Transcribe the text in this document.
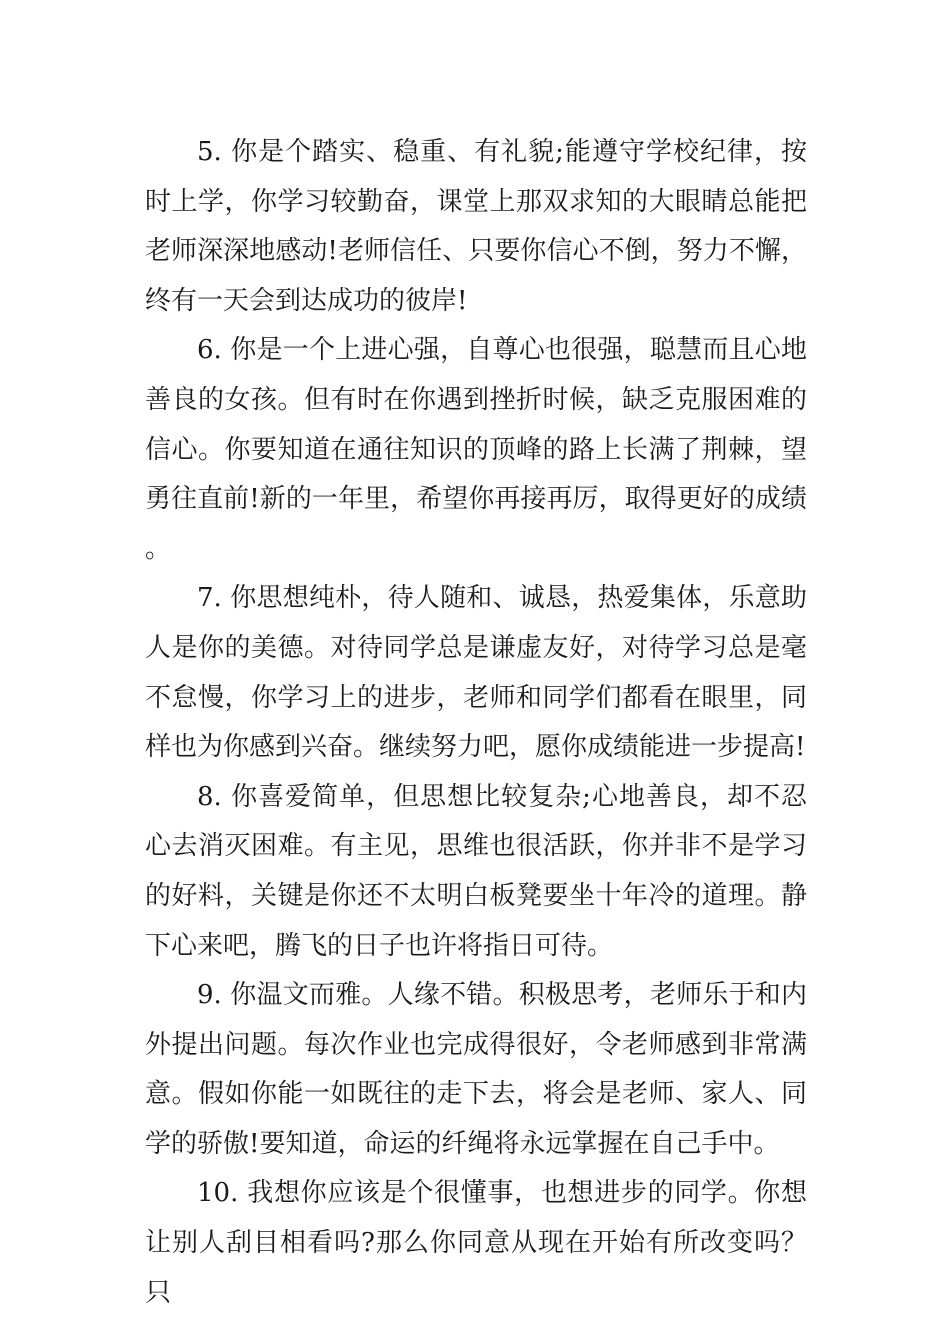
5. 你是个踏实、稳重、有礼貌;能遵守学校纪律，按时上学，你学习较勤奋，课堂上那双求知的大眼睛总能把老师深深地感动!老师信任、只要你信心不倒，努力不懈，终有一天会到达成功的彼岸!

6. 你是一个上进心强，自尊心也很强，聪慧而且心地善良的女孩。但有时在你遇到挫折时候，缺乏克服困难的信心。你要知道在通往知识的顶峰的路上长满了荆棘，望勇往直前!新的一年里，希望你再接再厉，取得更好的成绩。

7. 你思想纯朴，待人随和、诚恳，热爱集体，乐意助人是你的美德。对待同学总是谦虚友好，对待学习总是毫不怠慢，你学习上的进步，老师和同学们都看在眼里，同样也为你感到兴奋。继续努力吧，愿你成绩能进一步提高!

8. 你喜爱简单，但思想比较复杂;心地善良，却不忍心去消灭困难。有主见，思维也很活跃，你并非不是学习的好料，关键是你还不太明白板凳要坐十年冷的道理。静下心来吧，腾飞的日子也许将指日可待。

9. 你温文而雅。人缘不错。积极思考，老师乐于和内外提出问题。每次作业也完成得很好，令老师感到非常满意。假如你能一如既往的走下去，将会是老师、家人、同学的骄傲!要知道，命运的纤绳将永远掌握在自己手中。

10. 我想你应该是个很懂事，也想进步的同学。你想让别人刮目相看吗?那么你同意从现在开始有所改变吗？只
